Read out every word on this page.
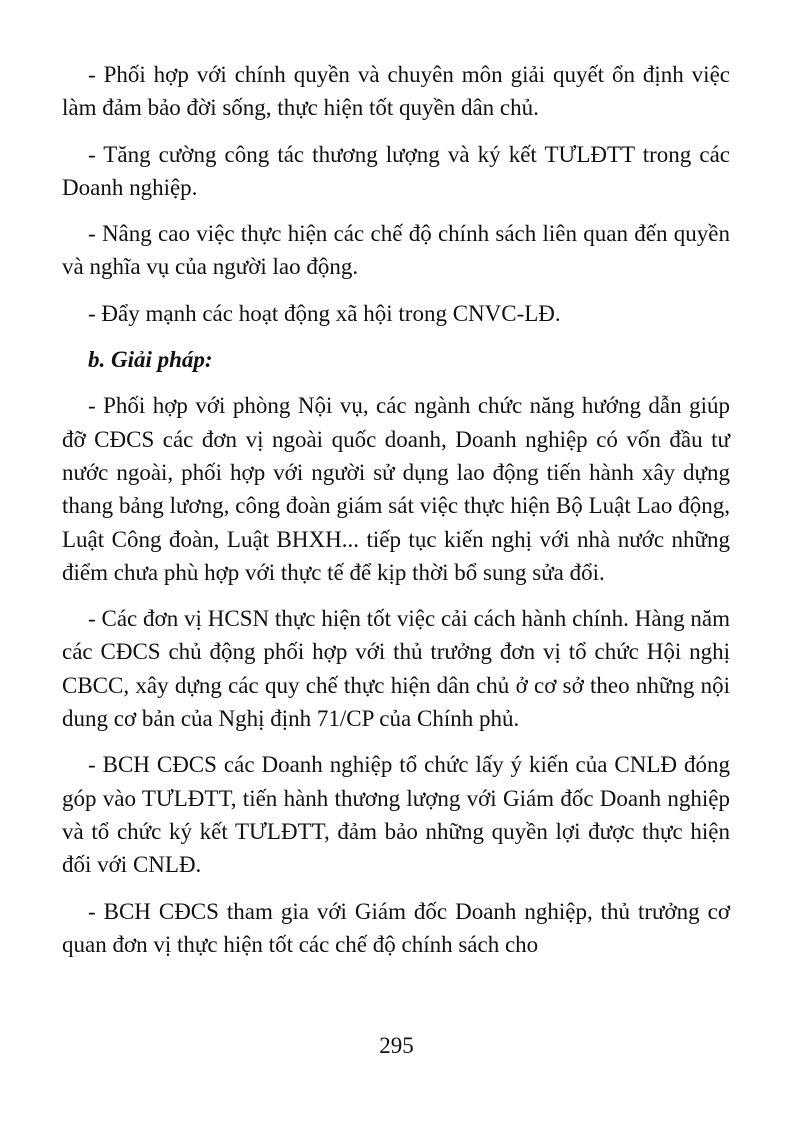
- Phối hợp với chính quyền và chuyên môn giải quyết ổn định việc làm đảm bảo đời sống, thực hiện tốt quyền dân chủ.

- Tăng cường công tác thương lượng và ký kết TƯLĐTT trong các Doanh nghiệp.

- Nâng cao việc thực hiện các chế độ chính sách liên quan đến quyền và nghĩa vụ của người lao động.

- Đẩy mạnh các hoạt động xã hội trong CNVC-LĐ.

b. Giải pháp:

- Phối hợp với phòng Nội vụ, các ngành chức năng hướng dẫn giúp đỡ CĐCS các đơn vị ngoài quốc doanh, Doanh nghiệp có vốn đầu tư nước ngoài, phối hợp với người sử dụng lao động tiến hành xây dựng thang bảng lương, công đoàn giám sát việc thực hiện Bộ Luật Lao động, Luật Công đoàn, Luật BHXH... tiếp tục kiến nghị với nhà nước những điểm chưa phù hợp với thực tế để kịp thời bổ sung sửa đổi.

- Các đơn vị HCSN thực hiện tốt việc cải cách hành chính. Hàng năm các CĐCS chủ động phối hợp với thủ trưởng đơn vị tổ chức Hội nghị CBCC, xây dựng các quy chế thực hiện dân chủ ở cơ sở theo những nội dung cơ bản của Nghị định 71/CP của Chính phủ.

- BCH CĐCS các Doanh nghiệp tổ chức lấy ý kiến của CNLĐ đóng góp vào TƯLĐTT, tiến hành thương lượng với Giám đốc Doanh nghiệp và tổ chức ký kết TƯLĐTT, đảm bảo những quyền lợi được thực hiện đối với CNLĐ.

- BCH CĐCS tham gia với Giám đốc Doanh nghiệp, thủ trưởng cơ quan đơn vị thực hiện tốt các chế độ chính sách cho

295
